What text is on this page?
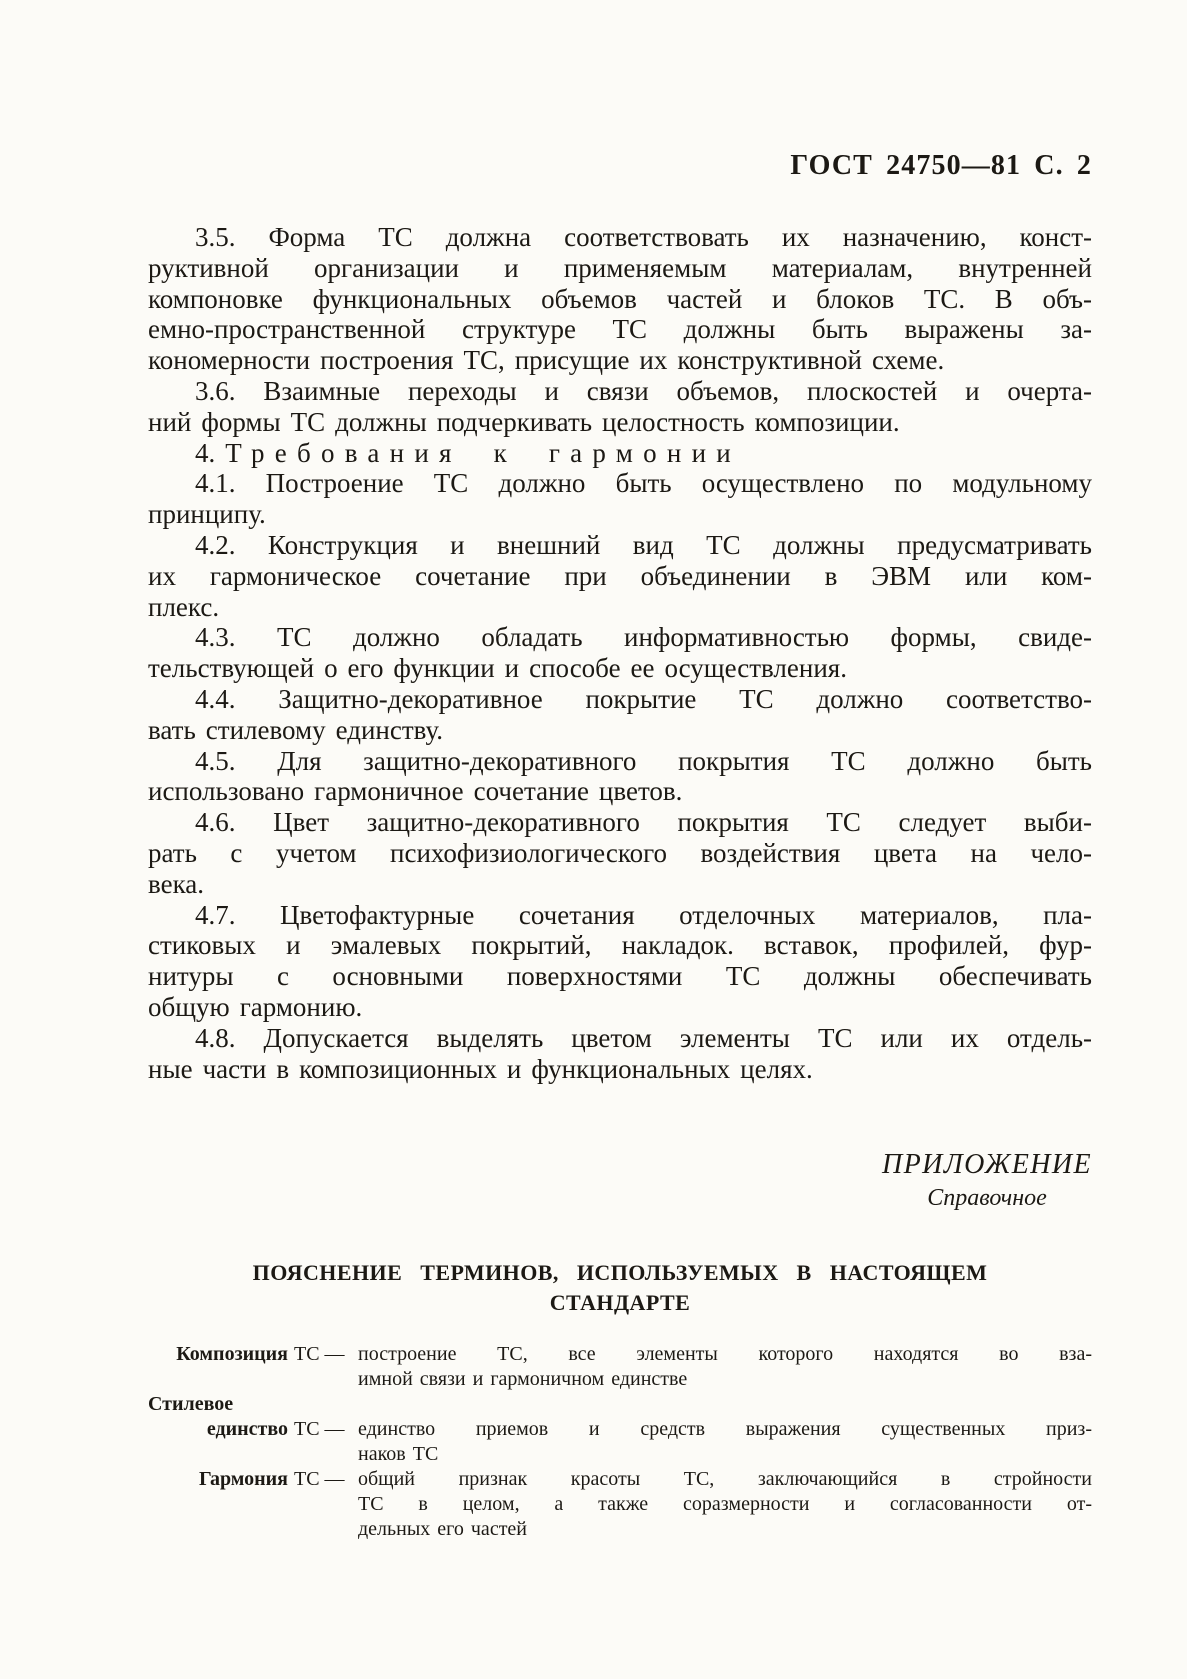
ГОСТ 24750—81 С. 2
3.5. Форма ТС должна соответствовать их назначению, конст-
руктивной организации и применяемым материалам, внутренней
компоновке функциональных объемов частей и блоков ТС. В объ-
емно-пространственной структуре ТС должны быть выражены за-
кономерности построения ТС, присущие их конструктивной схеме.
3.6. Взаимные переходы и связи объемов, плоскостей и очерта-
ний формы ТС должны подчеркивать целостность композиции.
4. Требования к гармонии
4.1. Построение ТС должно быть осуществлено по модульному
принципу.
4.2. Конструкция и внешний вид ТС должны предусматривать
их гармоническое сочетание при объединении в ЭВМ или ком-
плекс.
4.3. ТС должно обладать информативностью формы, свиде-
тельствующей о его функции и способе ее осуществления.
4.4. Защитно-декоративное покрытие ТС должно соответство-
вать стилевому единству.
4.5. Для защитно-декоративного покрытия ТС должно быть
использовано гармоничное сочетание цветов.
4.6. Цвет защитно-декоративного покрытия ТС следует выби-
рать с учетом психофизиологического воздействия цвета на чело-
века.
4.7. Цветофактурные сочетания отделочных материалов, пла-
стиковых и эмалевых покрытий, накладок. вставок, профилей, фур-
нитуры с основными поверхностями ТС должны обеспечивать
общую гармонию.
4.8. Допускается выделять цветом элементы ТС или их отдель-
ные части в композиционных и функциональных целях.
ПРИЛОЖЕНИЕ
Справочное
ПОЯСНЕНИЕ ТЕРМИНОВ, ИСПОЛЬЗУЕМЫХ В НАСТОЯЩЕМ
СТАНДАРТЕ
Композиция ТС — построение ТС, все элементы которого находятся во вза-
имной связи и гармоничном единстве
Стилевое
единство ТС — единство приемов и средств выражения существенных приз-
наков ТС
Гармония ТС — общий признак красоты ТС, заключающийся в стройности
ТС в целом, а также соразмерности и согласованности от-
дельных его частей
